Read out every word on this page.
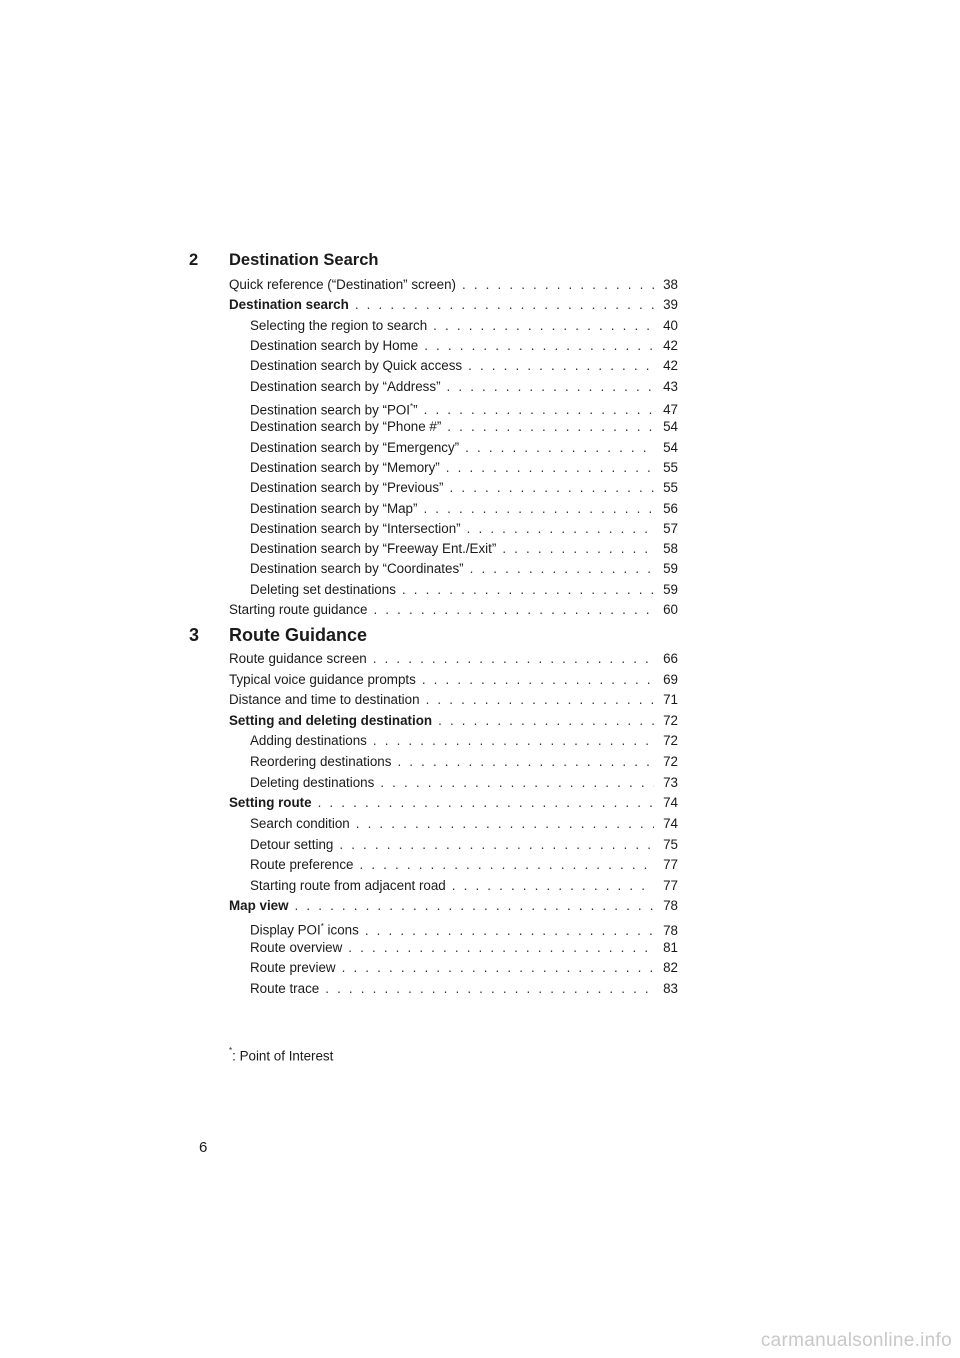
2 Destination Search
Quick reference (“Destination” screen) . . .	38
Destination search . . .	39
Selecting the region to search . . .	40
Destination search by Home . . .	42
Destination search by Quick access . . .	42
Destination search by “Address” . . .	43
Destination search by “POI*” . . .	47
Destination search by “Phone #” . . .	54
Destination search by “Emergency” . . .	54
Destination search by “Memory” . . .	55
Destination search by “Previous” . . .	55
Destination search by “Map” . . .	56
Destination search by “Intersection” . . .	57
Destination search by “Freeway Ent./Exit” . . .	58
Destination search by “Coordinates” . . .	59
Deleting set destinations . . .	59
Starting route guidance . . .	60
3 Route Guidance
Route guidance screen . . .	66
Typical voice guidance prompts . . .	69
Distance and time to destination . . .	71
Setting and deleting destination . . .	72
Adding destinations . . .	72
Reordering destinations . . .	72
Deleting destinations . . .	73
Setting route . . .	74
Search condition . . .	74
Detour setting . . .	75
Route preference . . .	77
Starting route from adjacent road . . .	77
Map view . . .	78
Display POI* icons . . .	78
Route overview . . .	81
Route preview . . .	82
Route trace . . .	83
*: Point of Interest
6
carmanualsonline.info
